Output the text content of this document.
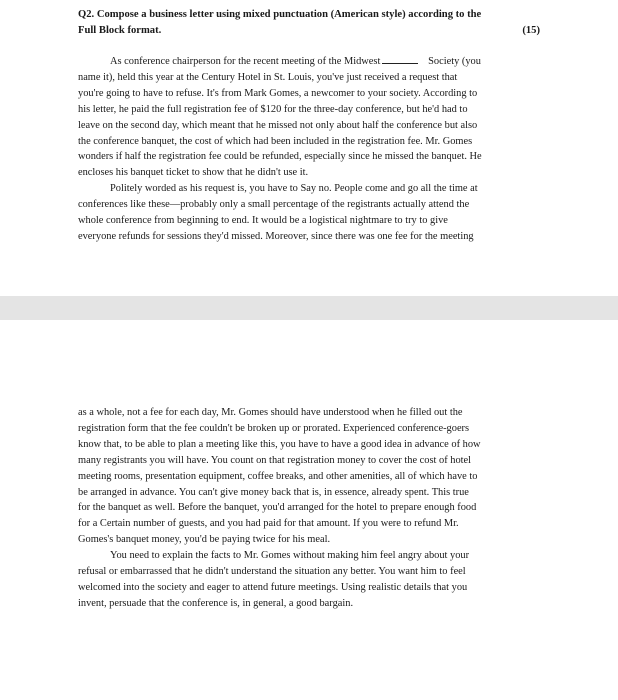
Q2. Compose a business letter using mixed punctuation (American style) according to the
Full Block format.	(15)

As conference chairperson for the recent meeting of the Midwest	Society (you
name it), held this year at the Century Hotel in St. Louis, you've just received a request that
you're going to have to refuse. It's from Mark Gomes, a newcomer to your society. According to
his letter, he paid the full registration fee of $120 for the three-day conference, but he'd had to
leave on the second day, which meant that he missed not only about half the conference but also
the conference banquet, the cost of which had been included in the registration fee. Mr. Gomes
wonders if half the registration fee could be refunded, especially since he missed the banquet. He
encloses his banquet ticket to show that he didn't use it.

Politely worded as his request is, you have to Say no. People come and go all the time at
conferences like these—probably only a small percentage of the registrants actually attend the
whole conference from beginning to end. It would be a logistical nightmare to try to give
everyone refunds for sessions they'd missed. Moreover, since there was one fee for the meeting

as a whole, not a fee for each day, Mr. Gomes should have understood when he filled out the
registration form that the fee couldn't be broken up or prorated. Experienced conference-goers
know that, to be able to plan a meeting like this, you have to have a good idea in advance of how
many registrants you will have. You count on that registration money to cover the cost of hotel
meeting rooms, presentation equipment, coffee breaks, and other amenities, all of which have to
be arranged in advance. You can't give money back that is, in essence, already spent. This true
for the banquet as well. Before the banquet, you'd arranged for the hotel to prepare enough food
for a Certain number of guests, and you had paid for that amount. If you were to refund Mr.
Gomes's banquet money, you'd be paying twice for his meal.

You need to explain the facts to Mr. Gomes without making him feel angry about your
refusal or embarrassed that he didn't understand the situation any better. You want him to feel
welcomed into the society and eager to attend future meetings. Using realistic details that you
invent, persuade that the conference is, in general, a good bargain.
